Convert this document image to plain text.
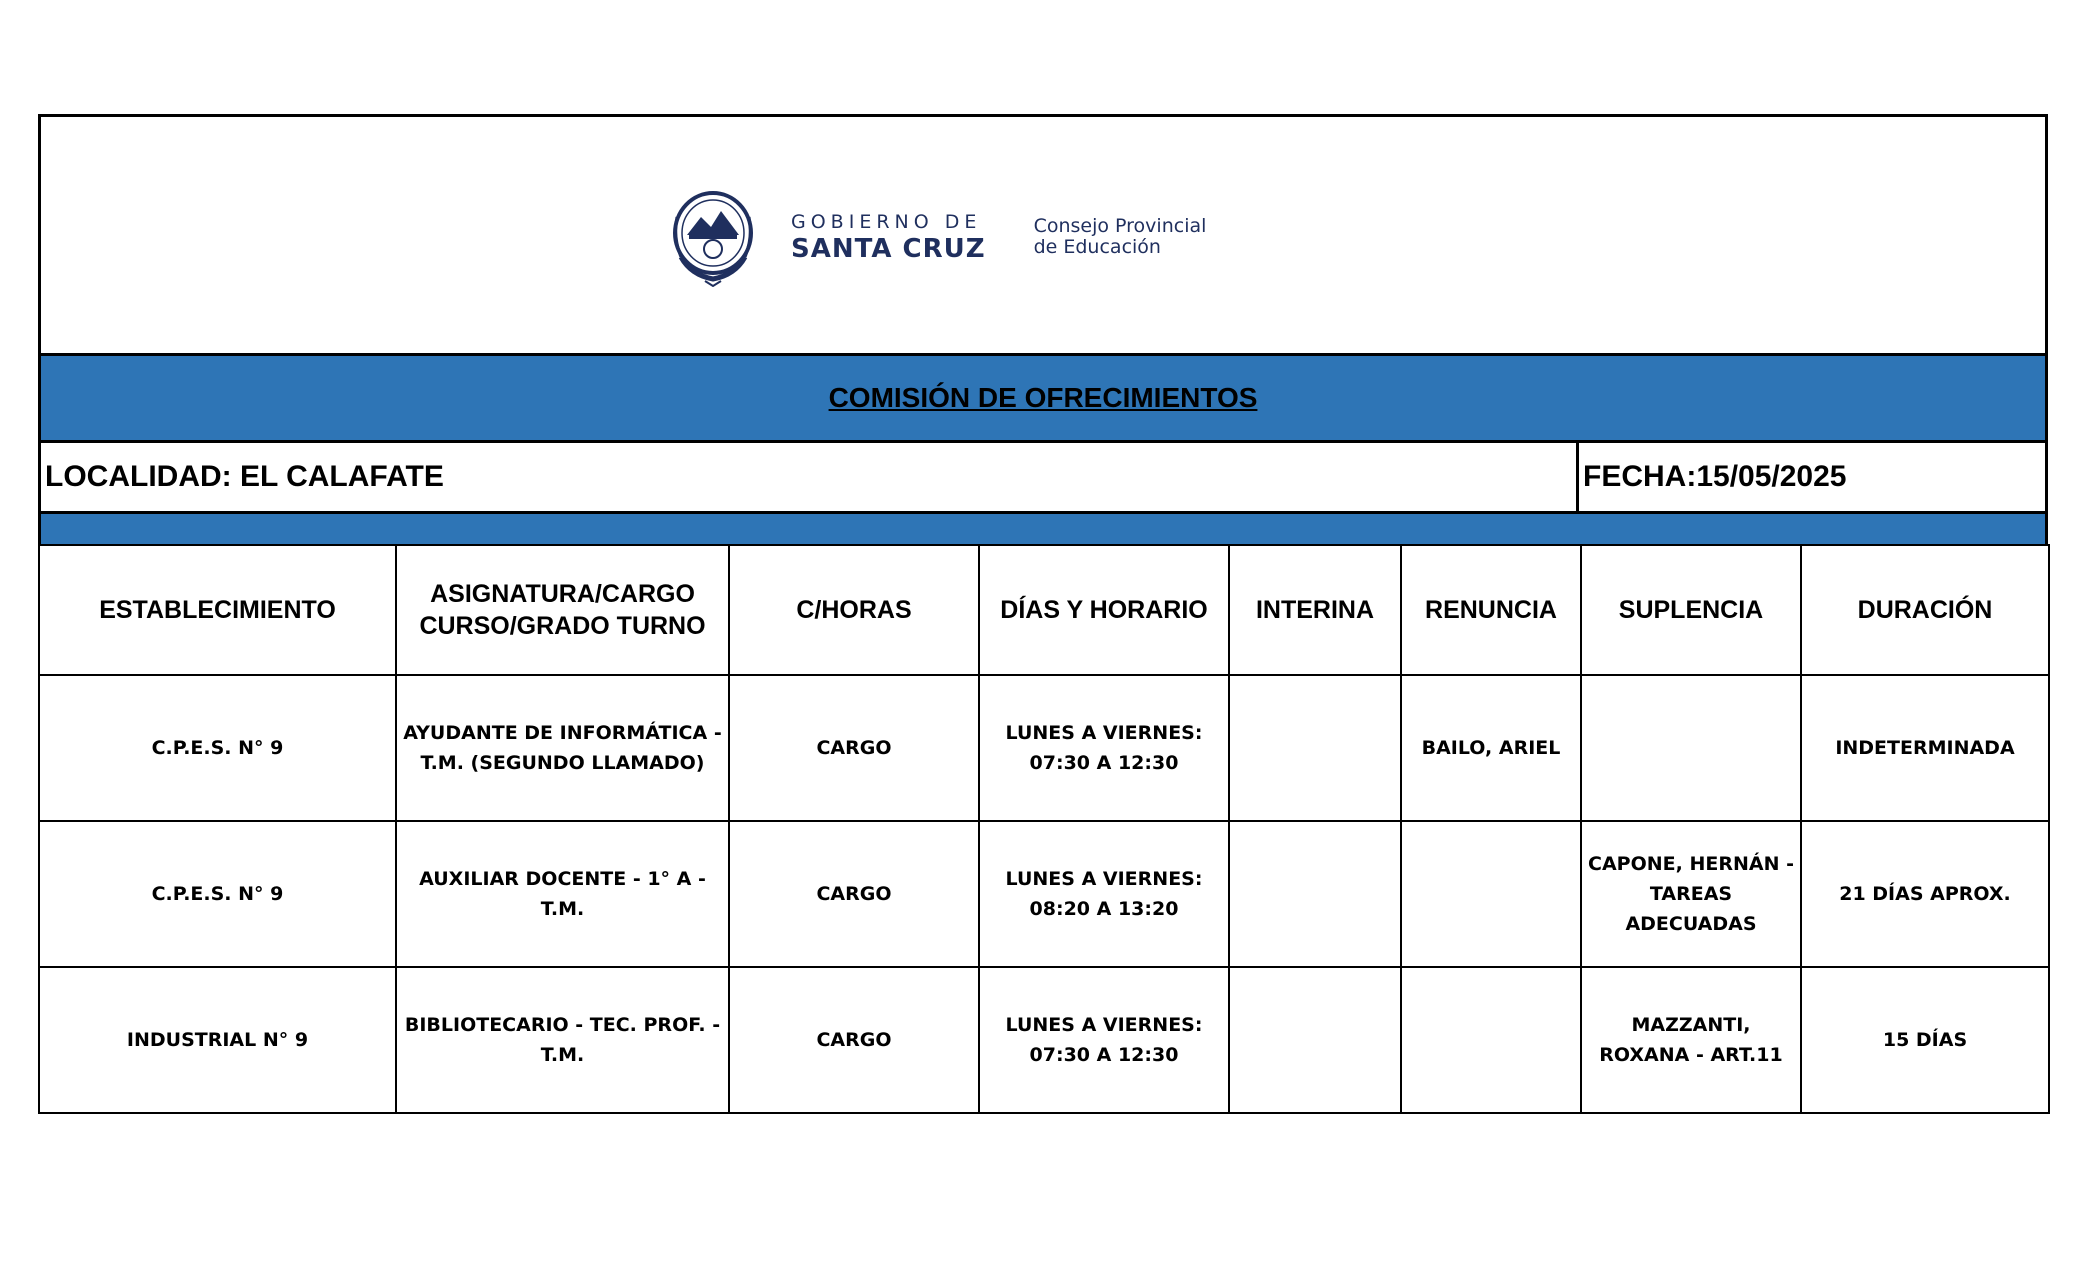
GOBIERNO DE
SANTA CRUZ
Consejo Provincial
de Educación
COMISIÓN DE OFRECIMIENTOS
LOCALIDAD: EL CALAFATE	FECHA:15/05/2025
ESTABLECIMIENTO	ASIGNATURA/CARGO CURSO/GRADO TURNO	C/HORAS	DÍAS Y HORARIO	INTERINA	RENUNCIA	SUPLENCIA	DURACIÓN
C.P.E.S. N° 9	AYUDANTE DE INFORMÁTICA - T.M. (SEGUNDO LLAMADO)	CARGO	LUNES A VIERNES: 07:30 A 12:30		BAILO, ARIEL		INDETERMINADA
C.P.E.S. N° 9	AUXILIAR DOCENTE - 1° A - T.M.	CARGO	LUNES A VIERNES: 08:20 A 13:20			CAPONE, HERNÁN - TAREAS ADECUADAS	21 DÍAS APROX.
INDUSTRIAL N° 9	BIBLIOTECARIO - TEC. PROF. - T.M.	CARGO	LUNES A VIERNES: 07:30 A 12:30			MAZZANTI, ROXANA - ART.11	15 DÍAS
